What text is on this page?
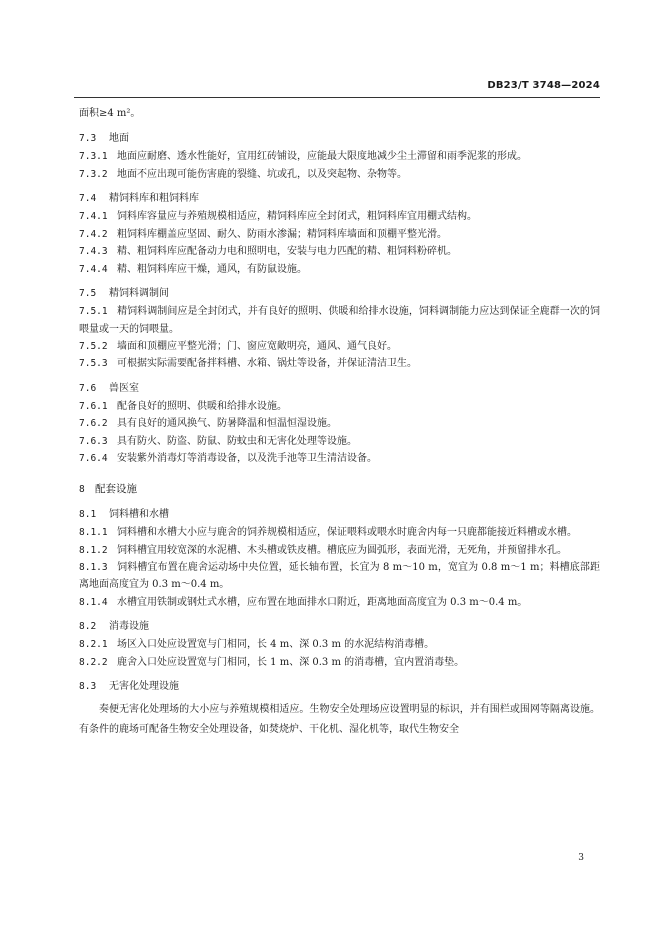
DB23/T 3748—2024
面积≥4 m²。
7.3 地面
7.3.1 地面应耐磨、透水性能好，宜用红砖铺设，应能最大限度地减少尘土滞留和雨季泥浆的形成。
7.3.2 地面不应出现可能伤害鹿的裂缝、坑或孔，以及突起物、杂物等。
7.4 精饲料库和粗饲料库
7.4.1 饲料库容量应与养殖规模相适应，精饲料库应全封闭式，粗饲料库宜用棚式结构。
7.4.2 粗饲料库棚盖应坚固、耐久、防雨水渗漏；精饲料库墙面和顶棚平整光滑。
7.4.3 精、粗饲料库应配备动力电和照明电，安装与电力匹配的精、粗饲料粉碎机。
7.4.4 精、粗饲料库应干燥，通风，有防鼠设施。
7.5 精饲料调制间
7.5.1 精饲料调制间应是全封闭式，并有良好的照明、供暖和给排水设施，饲料调制能力应达到保证全鹿群一次的饲喂量或一天的饲喂量。
7.5.2 墙面和顶棚应平整光滑；门、窗应宽敞明亮，通风、通气良好。
7.5.3 可根据实际需要配备拌料槽、水箱、锅灶等设备，并保证清洁卫生。
7.6 兽医室
7.6.1 配备良好的照明、供暖和给排水设施。
7.6.2 具有良好的通风换气、防暑降温和恒温恒湿设施。
7.6.3 具有防火、防盗、防鼠、防蚊虫和无害化处理等设施。
7.6.4 安装紫外消毒灯等消毒设备，以及洗手池等卫生清洁设备。
8 配套设施
8.1 饲料槽和水槽
8.1.1 饲料槽和水槽大小应与鹿舍的饲养规模相适应，保证喂料或喂水时鹿舍内每一只鹿都能接近料槽或水槽。
8.1.2 饲料槽宜用较宽深的水泥槽、木头槽或铁皮槽。槽底应为圆弧形，表面光滑，无死角，并预留排水孔。
8.1.3 饲料槽宜布置在鹿舍运动场中央位置，延长轴布置，长宜为 8 m～10 m，宽宜为 0.8 m～1 m；料槽底部距离地面高度宜为 0.3 m～0.4 m。
8.1.4 水槽宜用铁制或钢灶式水槽，应布置在地面排水口附近，距离地面高度宜为 0.3 m～0.4 m。
8.2 消毒设施
8.2.1 场区入口处应设置宽与门相同，长 4 m、深 0.3 m 的水泥结构消毒槽。
8.2.2 鹿舍入口处应设置宽与门相同，长 1 m、深 0.3 m 的消毒槽，宜内置消毒垫。
8.3 无害化处理设施
奏便无害化处理场的大小应与养殖规模相适应。生物安全处理场应设置明显的标识，并有围栏或围网等隔离设施。有条件的鹿场可配备生物安全处理设备，如焚烧炉、干化机、湿化机等，取代生物安全
3
